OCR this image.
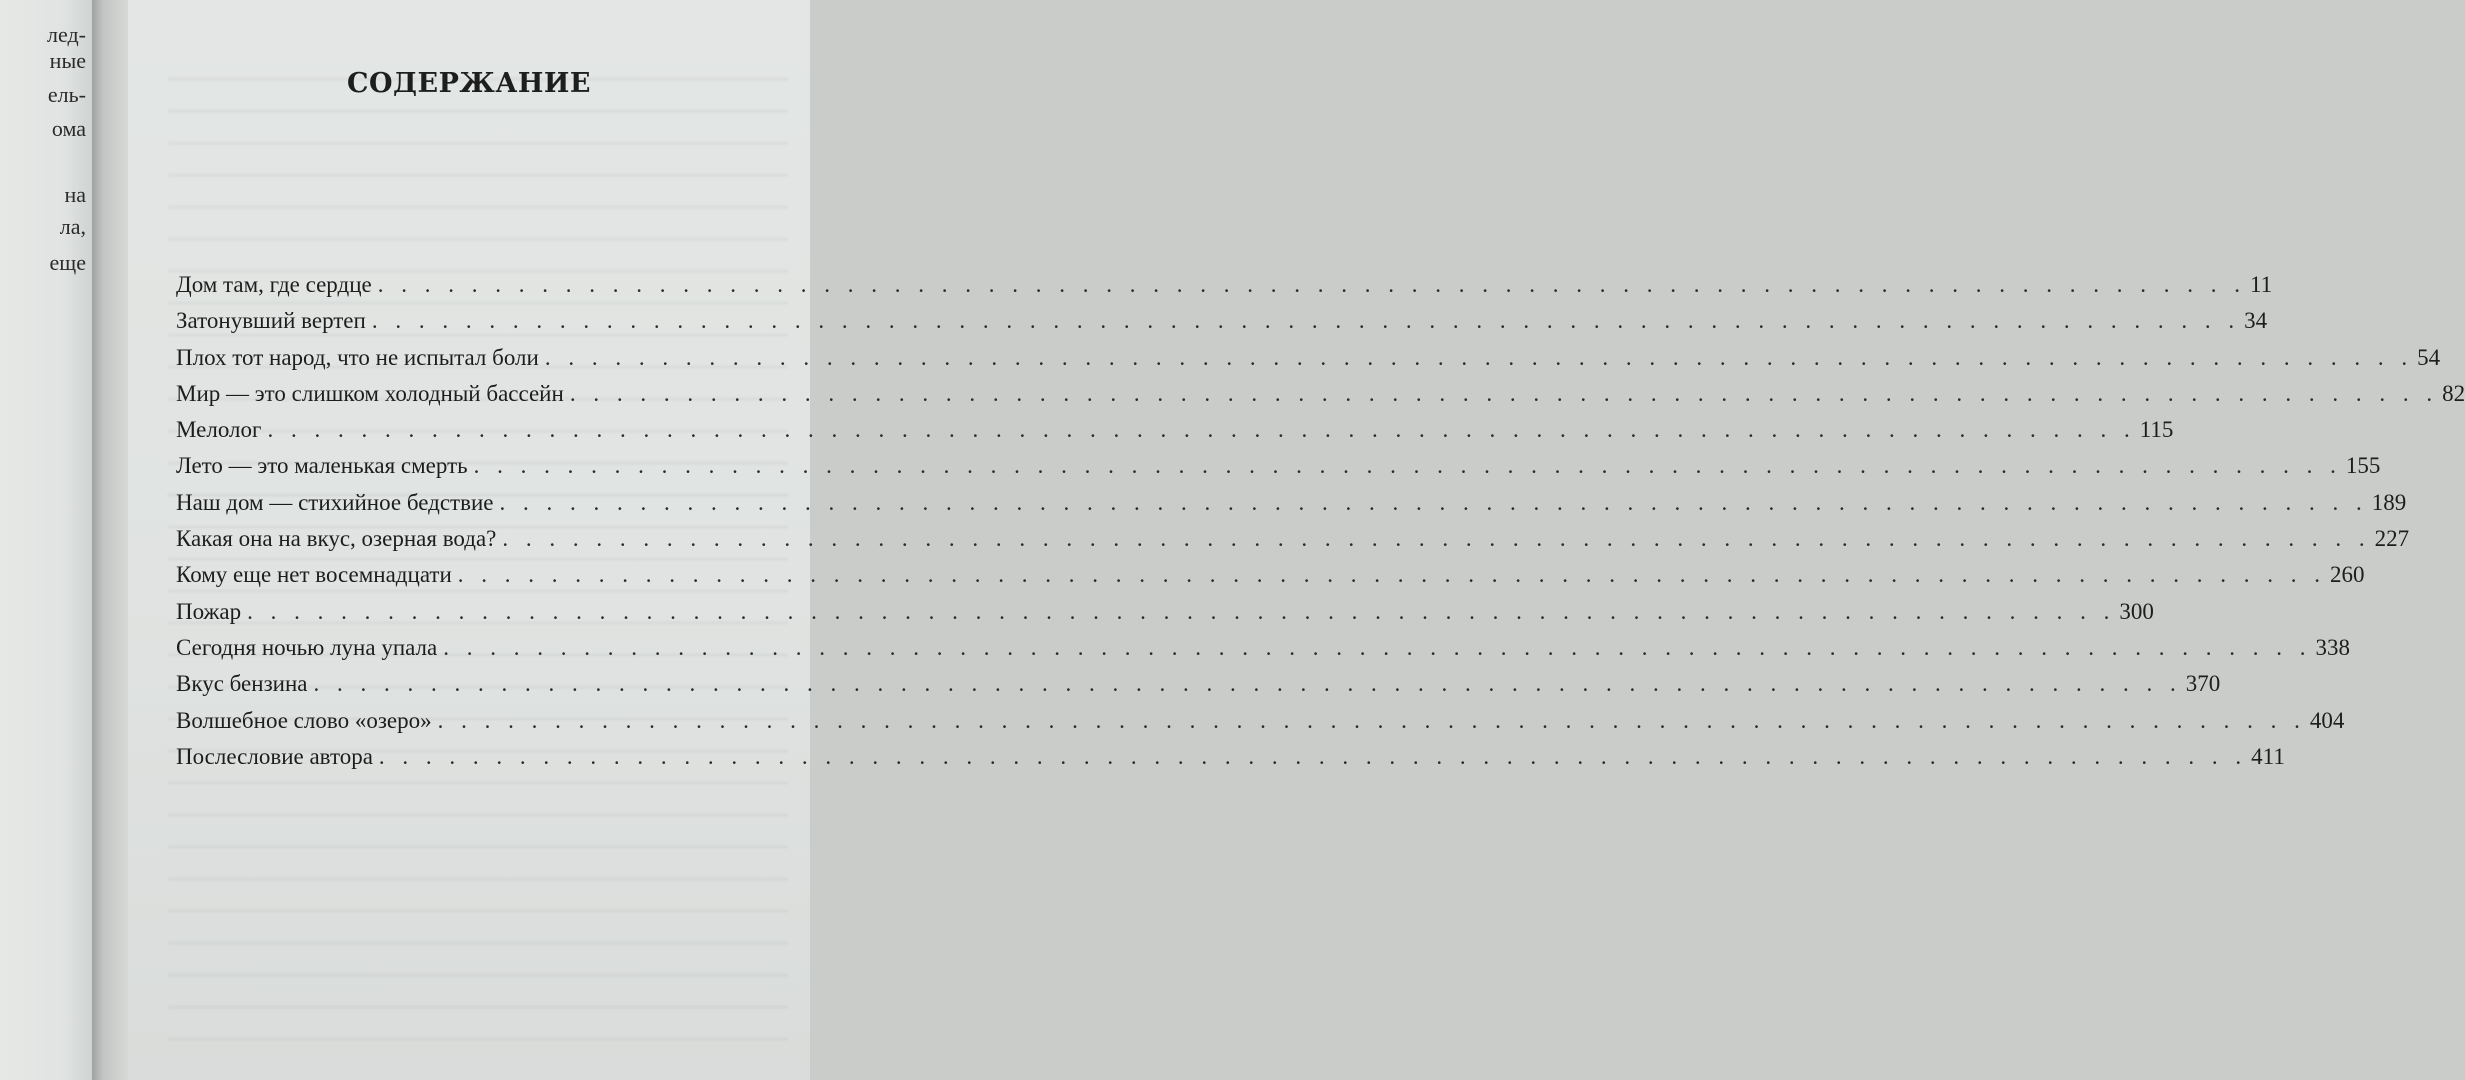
лед-
ные
ель-
ома
на
ла,
еще
СОДЕРЖАНИЕ
Дом там, где сердце . . . . . . . . . . . . . . . . . . . . . . . . . . . . . . . . . . . . . . . . . . . . . . . . . . . . . . . . . . . . . . . . . . . . . . . . . . . . . . . . 11
Затонувший вертеп . . . . . . . . . . . . . . . . . . . . . . . . . . . . . . . . . . . . . . . . . . . . . . . . . . . . . . . . . . . . . . . . . . . . . . . . . . . . . . . . 34
Плох тот народ, что не испытал боли . . . . . . . . . . . . . . . . . . . . . . . . . . . . . . . . . . . . . . . . . . . . . . . . . . . . . . . . . . . . . . . . . . . . . . . . . . . . . . . . 54
Мир — это слишком холодный бассейн . . . . . . . . . . . . . . . . . . . . . . . . . . . . . . . . . . . . . . . . . . . . . . . . . . . . . . . . . . . . . . . . . . . . . . . . . . . . . . . . 82
Мелолог . . . . . . . . . . . . . . . . . . . . . . . . . . . . . . . . . . . . . . . . . . . . . . . . . . . . . . . . . . . . . . . . . . . . . . . . . . . . . . . . 115
Лето — это маленькая смерть . . . . . . . . . . . . . . . . . . . . . . . . . . . . . . . . . . . . . . . . . . . . . . . . . . . . . . . . . . . . . . . . . . . . . . . . . . . . . . . . 155
Наш дом — стихийное бедствие . . . . . . . . . . . . . . . . . . . . . . . . . . . . . . . . . . . . . . . . . . . . . . . . . . . . . . . . . . . . . . . . . . . . . . . . . . . . . . . . 189
Какая она на вкус, озерная вода? . . . . . . . . . . . . . . . . . . . . . . . . . . . . . . . . . . . . . . . . . . . . . . . . . . . . . . . . . . . . . . . . . . . . . . . . . . . . . . . . 227
Кому еще нет восемнадцати . . . . . . . . . . . . . . . . . . . . . . . . . . . . . . . . . . . . . . . . . . . . . . . . . . . . . . . . . . . . . . . . . . . . . . . . . . . . . . . . 260
Пожар . . . . . . . . . . . . . . . . . . . . . . . . . . . . . . . . . . . . . . . . . . . . . . . . . . . . . . . . . . . . . . . . . . . . . . . . . . . . . . . . 300
Сегодня ночью луна упала . . . . . . . . . . . . . . . . . . . . . . . . . . . . . . . . . . . . . . . . . . . . . . . . . . . . . . . . . . . . . . . . . . . . . . . . . . . . . . . . 338
Вкус бензина . . . . . . . . . . . . . . . . . . . . . . . . . . . . . . . . . . . . . . . . . . . . . . . . . . . . . . . . . . . . . . . . . . . . . . . . . . . . . . . . 370
Волшебное слово «озеро» . . . . . . . . . . . . . . . . . . . . . . . . . . . . . . . . . . . . . . . . . . . . . . . . . . . . . . . . . . . . . . . . . . . . . . . . . . . . . . . . 404
Послесловие автора . . . . . . . . . . . . . . . . . . . . . . . . . . . . . . . . . . . . . . . . . . . . . . . . . . . . . . . . . . . . . . . . . . . . . . . . . . . . . . . . 411
